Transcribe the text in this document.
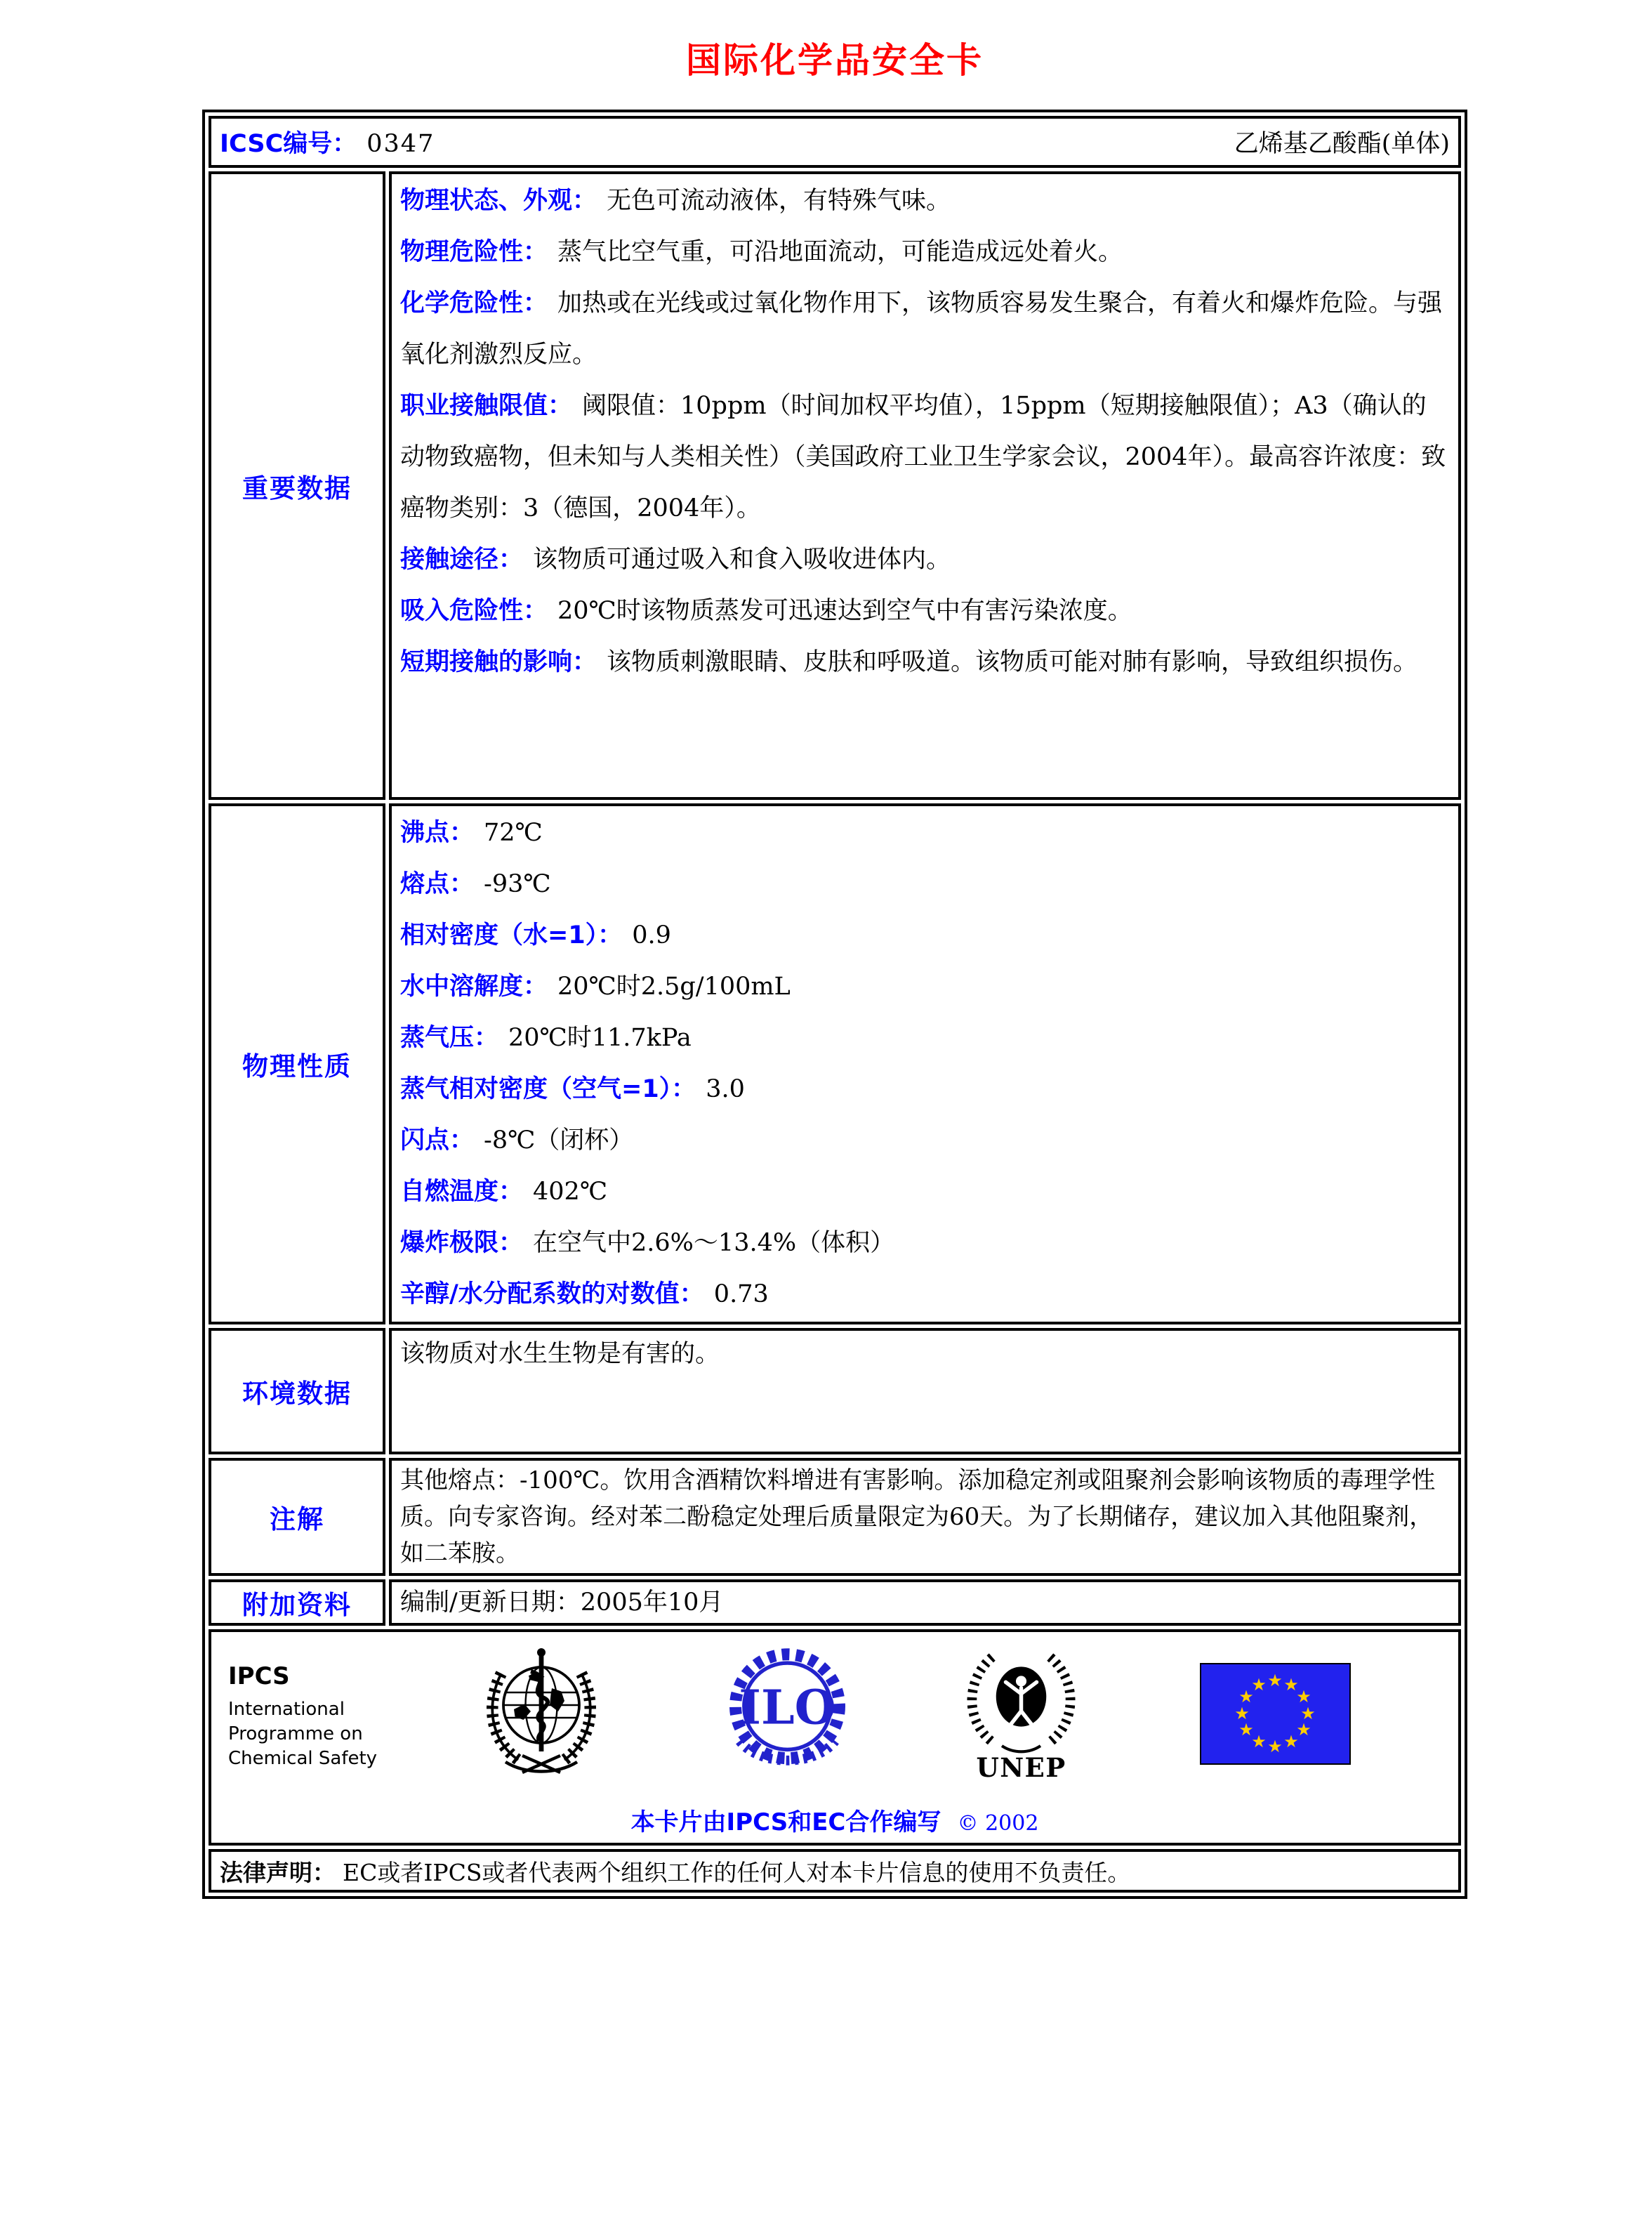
国际化学品安全卡
ICSC编号： 0347 乙烯基乙酸酯(单体)	

重要数据	
物理状态、外观： 无色可流动液体，有特殊气味。
物理危险性： 蒸气比空气重，可沿地面流动，可能造成远处着火。
化学危险性： 加热或在光线或过氧化物作用下，该物质容易发生聚合，有着火和爆炸危险。与强氧化剂激烈反应。
职业接触限值： 阈限值：10ppm（时间加权平均值），15ppm（短期接触限值）；A3（确认的动物致癌物，但未知与人类相关性）（美国政府工业卫生学家会议，2004年）。最高容许浓度：致癌物类别：3（德国，2004年）。
接触途径： 该物质可通过吸入和食入吸收进体内。
吸入危险性： 20℃时该物质蒸发可迅速达到空气中有害污染浓度。
短期接触的影响： 该物质刺激眼睛、皮肤和呼吸道。该物质可能对肺有影响，导致组织损伤。

物理性质	
沸点： 72℃
熔点： -93℃
相对密度（水=1）： 0.9
水中溶解度： 20℃时2.5g/100mL
蒸气压： 20℃时11.7kPa
蒸气相对密度（空气=1）： 3.0
闪点： -8℃（闭杯）
自燃温度： 402℃
爆炸极限： 在空气中2.6%～13.4%（体积）
辛醇/水分配系数的对数值： 0.73

环境数据	该物质对水生生物是有害的。
注解	其他熔点：-100℃。饮用含酒精饮料增进有害影响。添加稳定剂或阻聚剂会影响该物质的毒理学性质。向专家咨询。经对苯二酚稳定处理后质量限定为60天。为了长期储存，建议加入其他阻聚剂，如二苯胺。
附加资料	编制/更新日期：2005年10月

IPCS
International
Programme on
Chemical Safety
ILO
UNEP
★ ★
★
★
★
★
★
★
★
★
★
★
本卡片由IPCS和EC合作编写 © 2002

法律声明： EC或者IPCS或者代表两个组织工作的任何人对本卡片信息的使用不负责任。	
